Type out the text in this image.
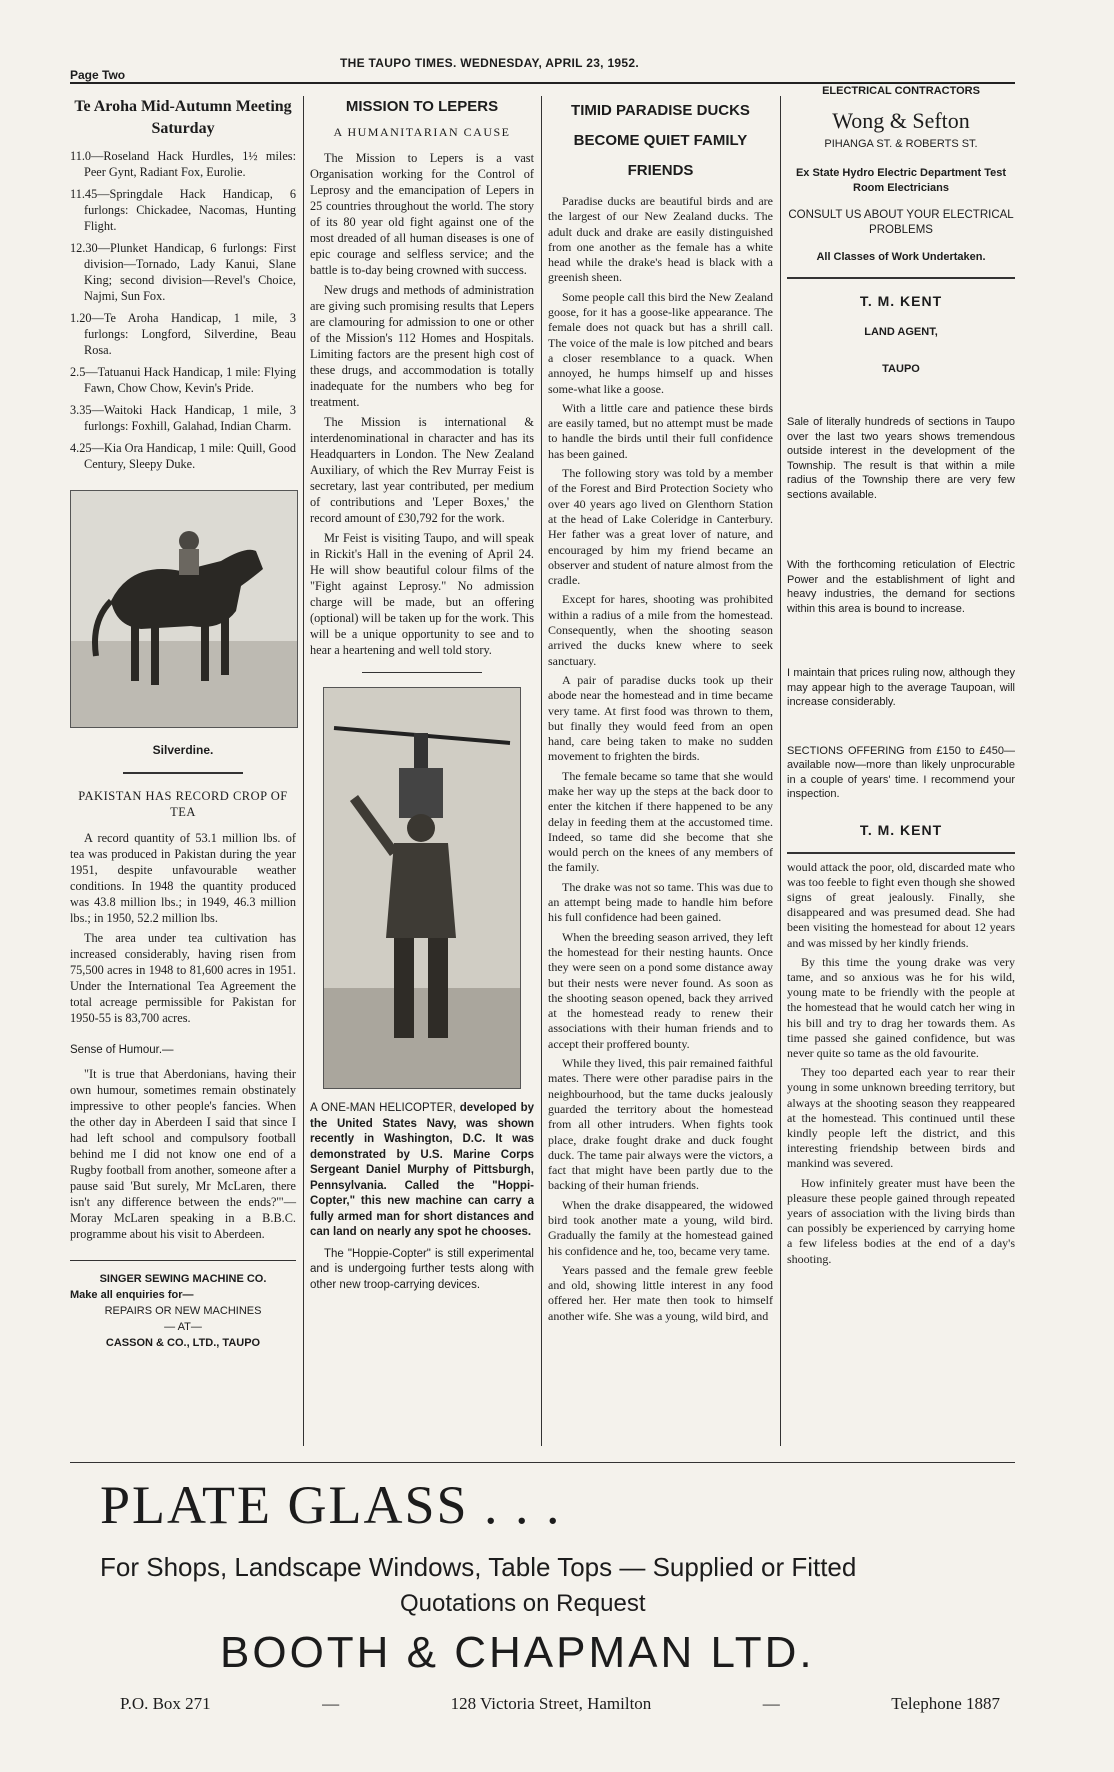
Page Two
THE TAUPO TIMES. WEDNESDAY, APRIL 23, 1952.
Te Aroha Mid-Autumn Meeting Saturday

11.0—Roseland Hack Hurdles, 1½ miles: Peer Gynt, Radiant Fox, Eurolie.

11.45—Springdale Hack Handicap, 6 furlongs: Chickadee, Nacomas, Hunting Flight.

12.30—Plunket Handicap, 6 furlongs: First division—Tornado, Lady Kanui, Slane King; second division—Revel's Choice, Najmi, Sun Fox.

1.20—Te Aroha Handicap, 1 mile, 3 furlongs: Longford, Silverdine, Beau Rosa.

2.5—Tatuanui Hack Handicap, 1 mile: Flying Fawn, Chow Chow, Kevin's Pride.

3.35—Waitoki Hack Handicap, 1 mile, 3 furlongs: Foxhill, Galahad, Indian Charm.

4.25—Kia Ora Handicap, 1 mile: Quill, Good Century, Sleepy Duke.

Silverdine.
PAKISTAN HAS RECORD CROP OF TEA

A record quantity of 53.1 million lbs. of tea was produced in Pakistan during the year 1951, despite unfavourable weather conditions. In 1948 the quantity produced was 43.8 million lbs.; in 1949, 46.3 million lbs.; in 1950, 52.2 million lbs.

The area under tea cultivation has increased considerably, having risen from 75,500 acres in 1948 to 81,600 acres in 1951. Under the International Tea Agreement the total acreage permissible for Pakistan for 1950-55 is 83,700 acres.

Sense of Humour.—

"It is true that Aberdonians, having their own humour, sometimes remain obstinately impressive to other people's fancies. When the other day in Aberdeen I said that since I had left school and compulsory football behind me I did not know one end of a Rugby football from another, someone after a pause said 'But surely, Mr McLaren, there isn't any difference between the ends?'"—Moray McLaren speaking in a B.B.C. programme about his visit to Aberdeen.

SINGER SEWING MACHINE CO.
Make all enquiries for—
REPAIRS OR NEW MACHINES
— AT—
CASSON & CO., LTD., TAUPO
MISSION TO LEPERS
A HUMANITARIAN CAUSE

The Mission to Lepers is a vast Organisation working for the Control of Leprosy and the emancipation of Lepers in 25 countries throughout the world. The story of its 80 year old fight against one of the most dreaded of all human diseases is one of epic courage and selfless service; and the battle is to-day being crowned with success.

New drugs and methods of administration are giving such promising results that Lepers are clamouring for admission to one or other of the Mission's 112 Homes and Hospitals. Limiting factors are the present high cost of these drugs, and accommodation is totally inadequate for the numbers who beg for treatment.

The Mission is international & interdenominational in character and has its Headquarters in London. The New Zealand Auxiliary, of which the Rev Murray Feist is secretary, last year contributed, per medium of contributions and 'Leper Boxes,' the record amount of £30,792 for the work.

Mr Feist is visiting Taupo, and will speak in Rickit's Hall in the evening of April 24. He will show beautiful colour films of the "Fight against Leprosy." No admission charge will be made, but an offering (optional) will be taken up for the work. This will be a unique opportunity to see and to hear a heartening and well told story.

A ONE-MAN HELICOPTER, developed by the United States Navy, was shown recently in Washington, D.C. It was demonstrated by U.S. Marine Corps Sergeant Daniel Murphy of Pittsburgh, Pennsylvania. Called the "Hoppi-Copter," this new machine can carry a fully armed man for short distances and can land on nearly any spot he chooses.

The "Hoppie-Copter" is still experimental and is undergoing further tests along with other new troop-carrying devices.

TIMID PARADISE DUCKS BECOME QUIET FAMILY FRIENDS

Paradise ducks are beautiful birds and are the largest of our New Zealand ducks. The adult duck and drake are easily distinguished from one another as the female has a white head while the drake's head is black with a greenish sheen.

Some people call this bird the New Zealand goose, for it has a goose-like appearance. The female does not quack but has a shrill call. The voice of the male is low pitched and bears a closer resemblance to a quack. When annoyed, he humps himself up and hisses some-what like a goose.

With a little care and patience these birds are easily tamed, but no attempt must be made to handle the birds until their full confidence has been gained.

The following story was told by a member of the Forest and Bird Protection Society who over 40 years ago lived on Glenthorn Station at the head of Lake Coleridge in Canterbury. Her father was a great lover of nature, and encouraged by him my friend became an observer and student of nature almost from the cradle.

Except for hares, shooting was prohibited within a radius of a mile from the homestead. Consequently, when the shooting season arrived the ducks knew where to seek sanctuary.

A pair of paradise ducks took up their abode near the homestead and in time became very tame. At first food was thrown to them, but finally they would feed from an open hand, care being taken to make no sudden movement to frighten the birds.

The female became so tame that she would make her way up the steps at the back door to enter the kitchen if there happened to be any delay in feeding them at the accustomed time. Indeed, so tame did she become that she would perch on the knees of any members of the family.

The drake was not so tame. This was due to an attempt being made to handle him before his full confidence had been gained.

When the breeding season arrived, they left the homestead for their nesting haunts. Once they were seen on a pond some distance away but their nests were never found. As soon as the shooting season opened, back they arrived at the homestead ready to renew their associations with their human friends and to accept their proffered bounty.

While they lived, this pair remained faithful mates. There were other paradise pairs in the neighbourhood, but the tame ducks jealously guarded the territory about the homestead from all other intruders. When fights took place, drake fought drake and duck fought duck. The tame pair always were the victors, a fact that might have been partly due to the backing of their human friends.

When the drake disappeared, the widowed bird took another mate a young, wild bird. Gradually the family at the homestead gained his confidence and he, too, became very tame.

Years passed and the female grew feeble and old, showing little interest in any food offered her. Her mate then took to himself another wife. She was a young, wild bird, and

ELECTRICAL CONTRACTORS
Wong & Sefton
PIHANGA ST. & ROBERTS ST.
Ex State Hydro Electric Department Test Room Electricians
CONSULT US ABOUT YOUR ELECTRICAL PROBLEMS
All Classes of Work Undertaken.
T. M. KENT
LAND AGENT,
TAUPO
Sale of literally hundreds of sections in Taupo over the last two years shows tremendous outside interest in the development of the Township. The result is that within a mile radius of the Township there are very few sections available.
With the forthcoming reticulation of Electric Power and the establishment of light and heavy industries, the demand for sections within this area is bound to increase.
I maintain that prices ruling now, although they may appear high to the average Taupoan, will increase considerably.
SECTIONS OFFERING from £150 to £450—available now—more than likely unprocurable in a couple of years' time. I recommend your inspection.
T. M. KENT

would attack the poor, old, discarded mate who was too feeble to fight even though she showed signs of great jealously. Finally, she disappeared and was presumed dead. She had been visiting the homestead for about 12 years and was missed by her kindly friends.

By this time the young drake was very tame, and so anxious was he for his wild, young mate to be friendly with the people at the homestead that he would catch her wing in his bill and try to drag her towards them. As time passed she gained confidence, but was never quite so tame as the old favourite.

They too departed each year to rear their young in some unknown breeding territory, but always at the shooting season they reappeared at the homestead. This continued until these kindly people left the district, and this interesting friendship between birds and mankind was severed.

How infinitely greater must have been the pleasure these people gained through repeated years of association with the living birds than can possibly be experienced by carrying home a few lifeless bodies at the end of a day's shooting.

PLATE GLASS . . .
For Shops, Landscape Windows, Table Tops — Supplied or Fitted
Quotations on Request
BOOTH & CHAPMAN LTD.
P.O. Box 271	—	128 Victoria Street, Hamilton	—	Telephone 1887
